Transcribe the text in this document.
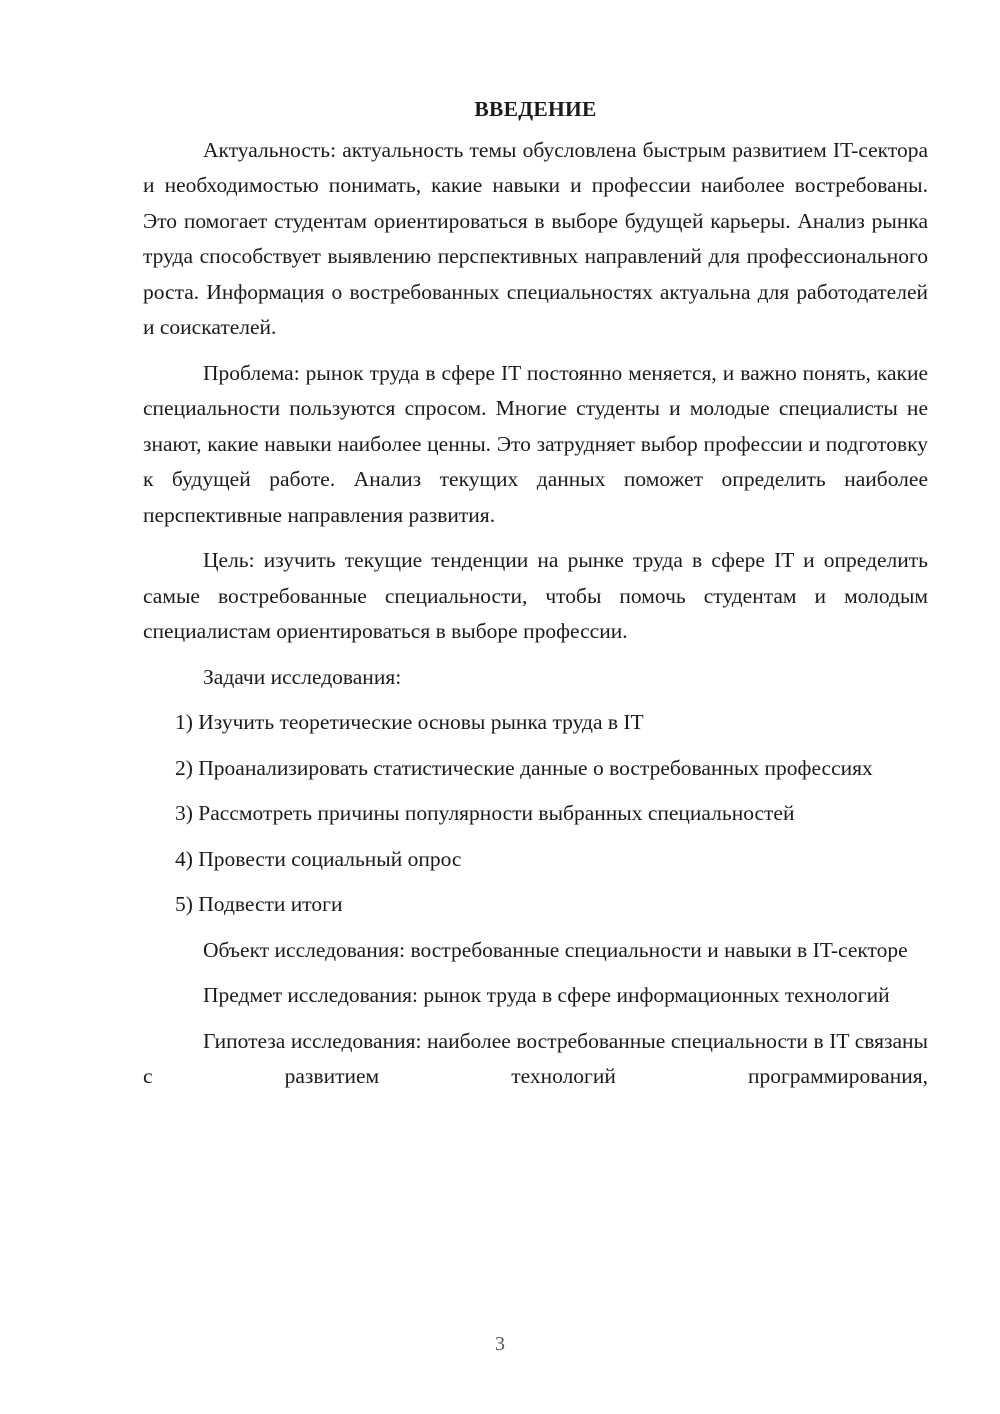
ВВЕДЕНИЕ

Актуальность: актуальность темы обусловлена быстрым развитием IT-сектора и необходимостью понимать, какие навыки и профессии наиболее востребованы. Это помогает студентам ориентироваться в выборе будущей карьеры. Анализ рынка труда способствует выявлению перспективных направлений для профессионального роста. Информация о востребованных специальностях актуальна для работодателей и соискателей.

Проблема: рынок труда в сфере IT постоянно меняется, и важно понять, какие специальности пользуются спросом. Многие студенты и молодые специалисты не знают, какие навыки наиболее ценны. Это затрудняет выбор профессии и подготовку к будущей работе. Анализ текущих данных поможет определить наиболее перспективные направления развития.

Цель: изучить текущие тенденции на рынке труда в сфере IT и определить самые востребованные специальности, чтобы помочь студентам и молодым специалистам ориентироваться в выборе профессии.

Задачи исследования:

1) Изучить теоретические основы рынка труда в IT

2) Проанализировать статистические данные о востребованных профессиях

3) Рассмотреть причины популярности выбранных специальностей

4) Провести социальный опрос

5) Подвести итоги

Объект исследования: востребованные специальности и навыки в IT-секторе

Предмет исследования: рынок труда в сфере информационных технологий

Гипотеза исследования: наиболее востребованные специальности в IT связаны с развитием технологий программирования,

3
